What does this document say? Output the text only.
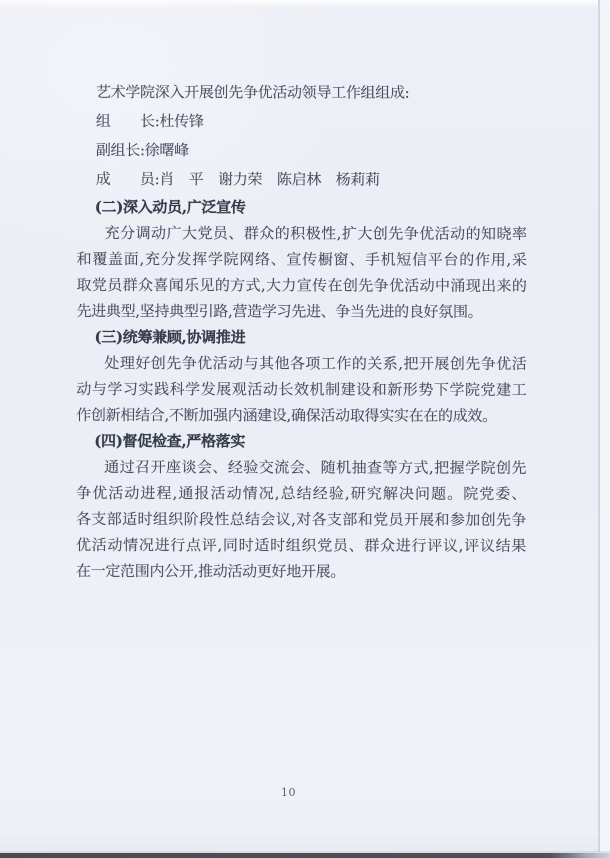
艺术学院深入开展创先争优活动领导工作组组成:
组　　长:杜传锋
副组长:徐曙峰
成　　员:肖　平　谢力荣　陈启林　杨莉莉
(二)深入动员,广泛宣传
充分调动广大党员、群众的积极性,扩大创先争优活动的知晓率
和覆盖面,充分发挥学院网络、宣传橱窗、手机短信平台的作用,采
取党员群众喜闻乐见的方式,大力宣传在创先争优活动中涌现出来的
先进典型,坚持典型引路,营造学习先进、争当先进的良好氛围。
(三)统筹兼顾,协调推进
处理好创先争优活动与其他各项工作的关系,把开展创先争优活
动与学习实践科学发展观活动长效机制建设和新形势下学院党建工
作创新相结合,不断加强内涵建设,确保活动取得实实在在的成效。
(四)督促检查,严格落实
通过召开座谈会、经验交流会、随机抽查等方式,把握学院创先
争优活动进程,通报活动情况,总结经验,研究解决问题。院党委、
各支部适时组织阶段性总结会议,对各支部和党员开展和参加创先争
优活动情况进行点评,同时适时组织党员、群众进行评议,评议结果
在一定范围内公开,推动活动更好地开展。
10
